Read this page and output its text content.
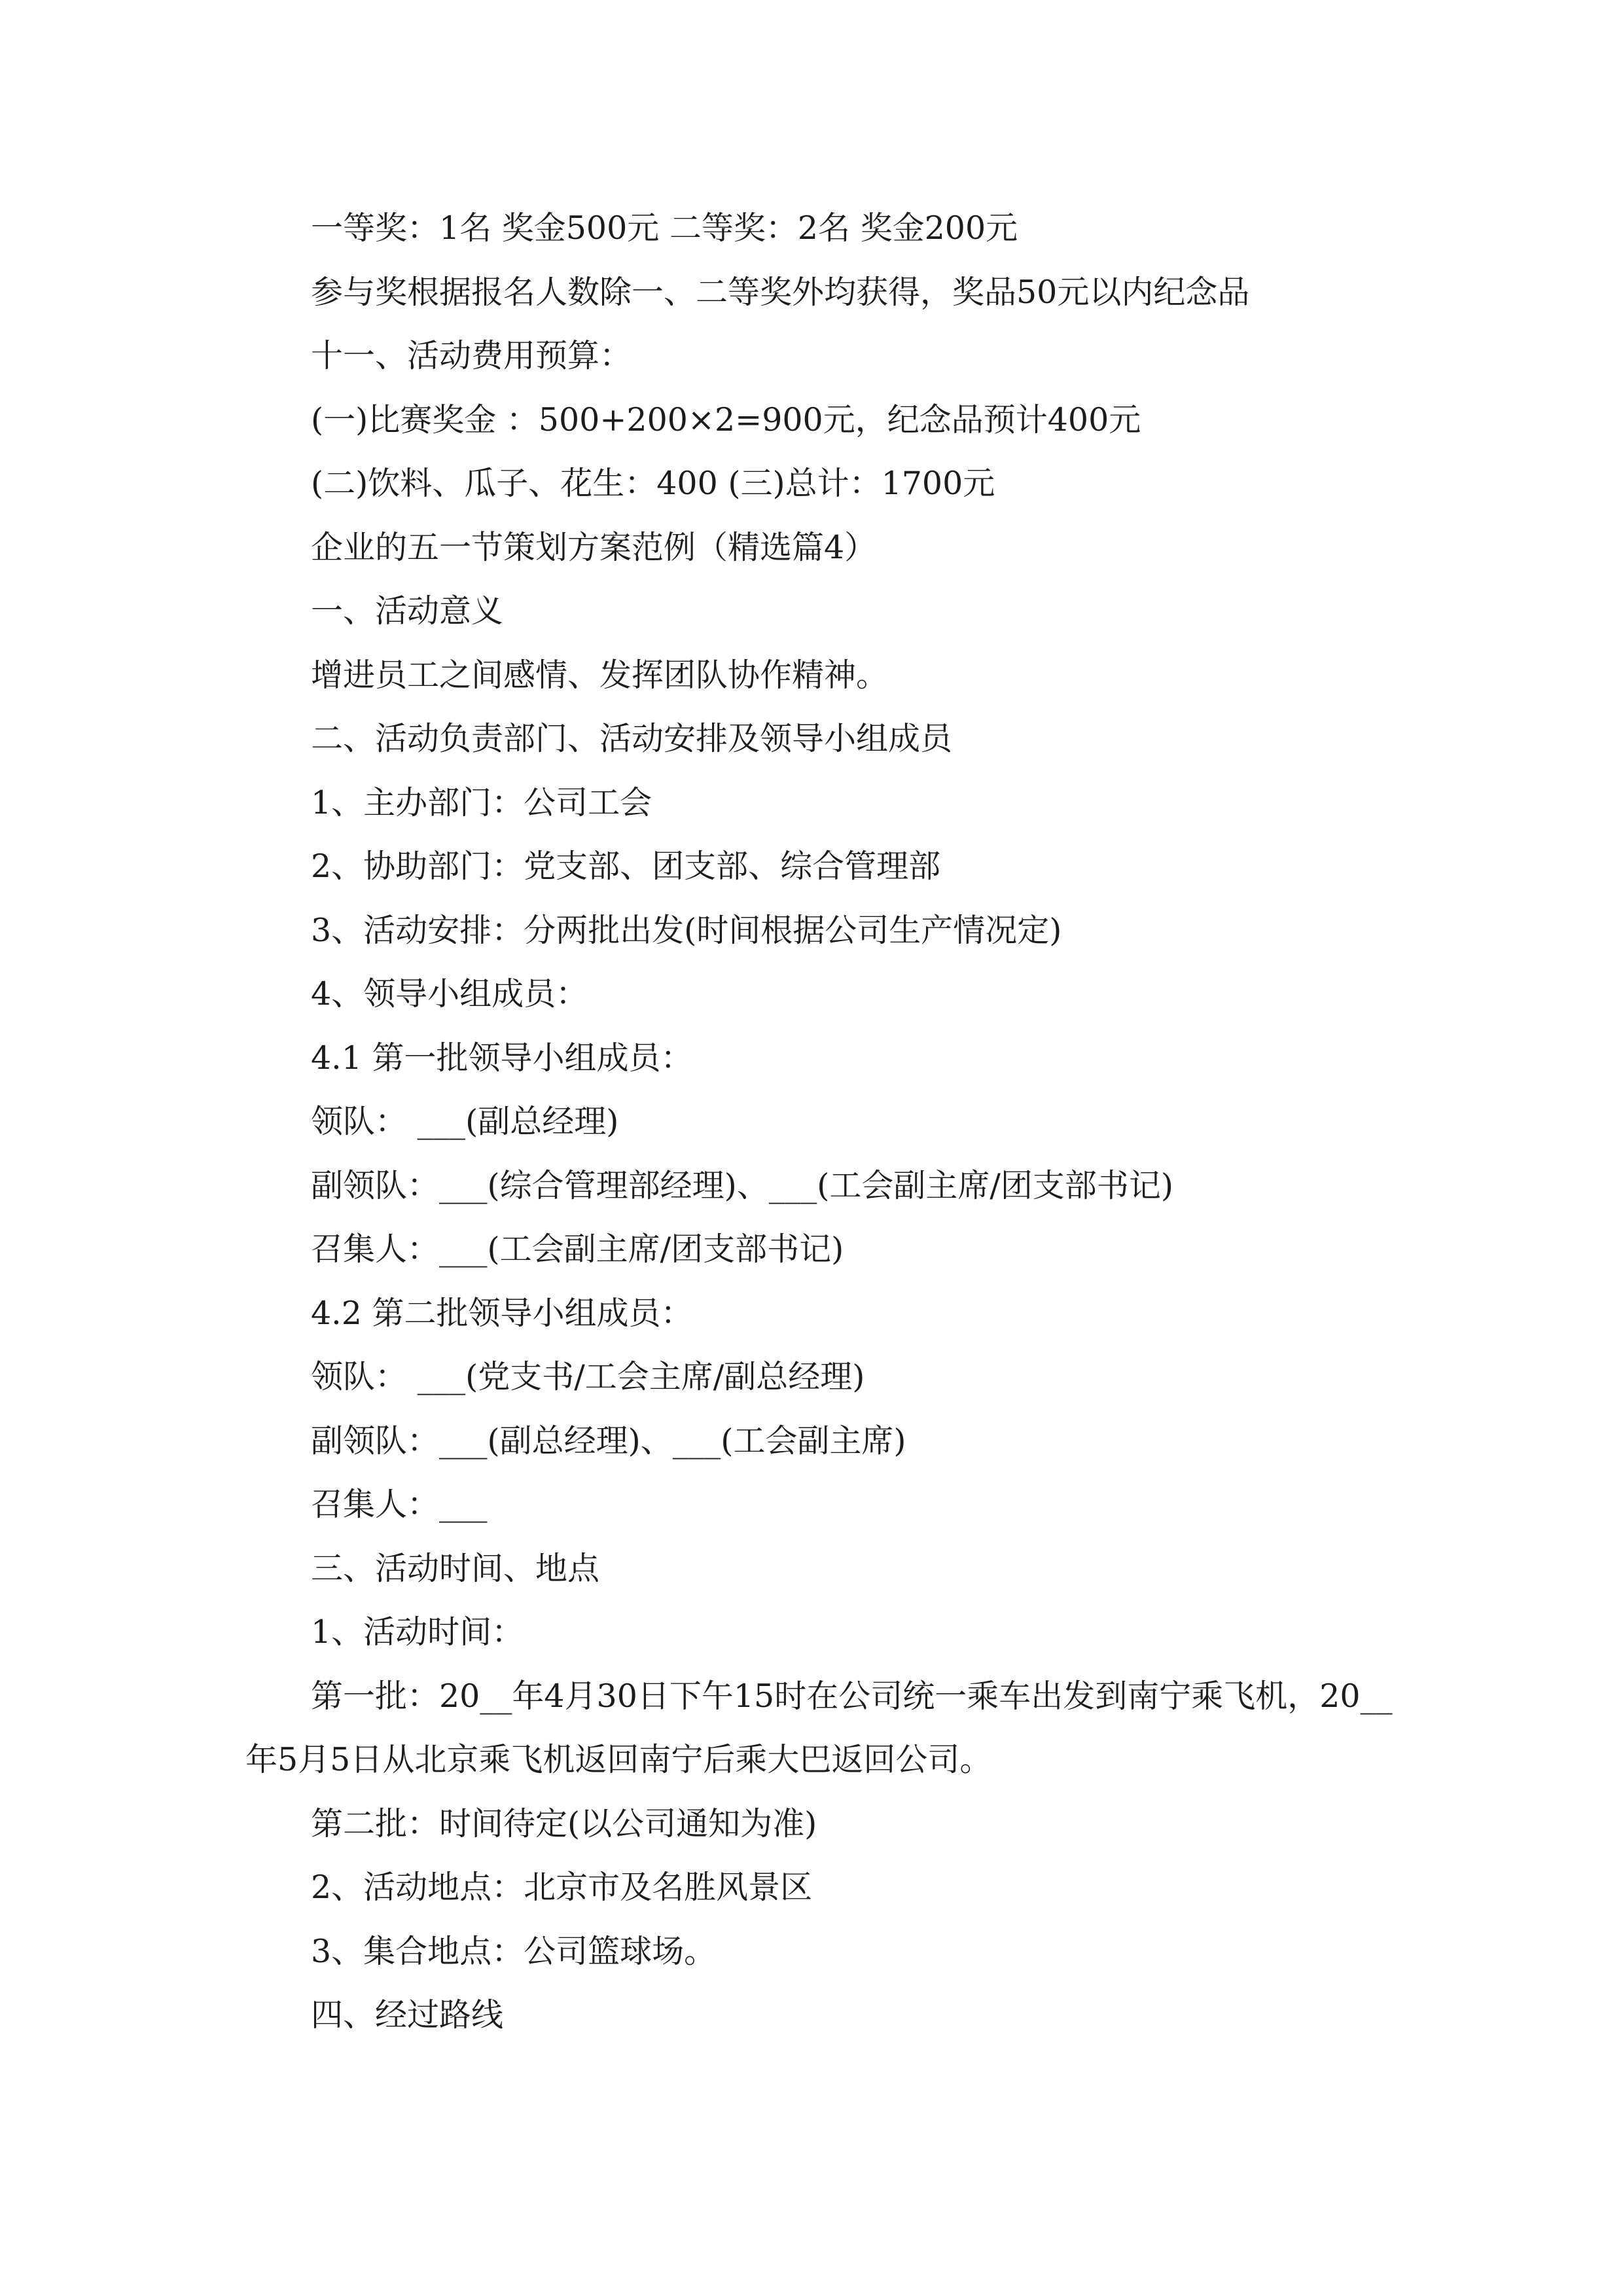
一等奖：1名 奖金500元 二等奖：2名 奖金200元
参与奖根据报名人数除一、二等奖外均获得，奖品50元以内纪念品
十一、活动费用预算：
(一)比赛奖金 ：500+200×2=900元，纪念品预计400元
(二)饮料、瓜子、花生：400 (三)总计：1700元
企业的五一节策划方案范例（精选篇4）
一、活动意义
增进员工之间感情、发挥团队协作精神。
二、活动负责部门、活动安排及领导小组成员
1、主办部门：公司工会
2、协助部门：党支部、团支部、综合管理部
3、活动安排：分两批出发(时间根据公司生产情况定)
4、领导小组成员：
4.1 第一批领导小组成员：
领队： ___(副总经理)
副领队：___(综合管理部经理)、___(工会副主席/团支部书记)
召集人：___(工会副主席/团支部书记)
4.2 第二批领导小组成员：
领队： ___(党支书/工会主席/副总经理)
副领队：___(副总经理)、___(工会副主席)
召集人：___
三、活动时间、地点
1、活动时间：
第一批：20__年4月30日下午15时在公司统一乘车出发到南宁乘飞机，20__
年5月5日从北京乘飞机返回南宁后乘大巴返回公司。
第二批：时间待定(以公司通知为准)
2、活动地点：北京市及名胜风景区
3、集合地点：公司篮球场。
四、经过路线
